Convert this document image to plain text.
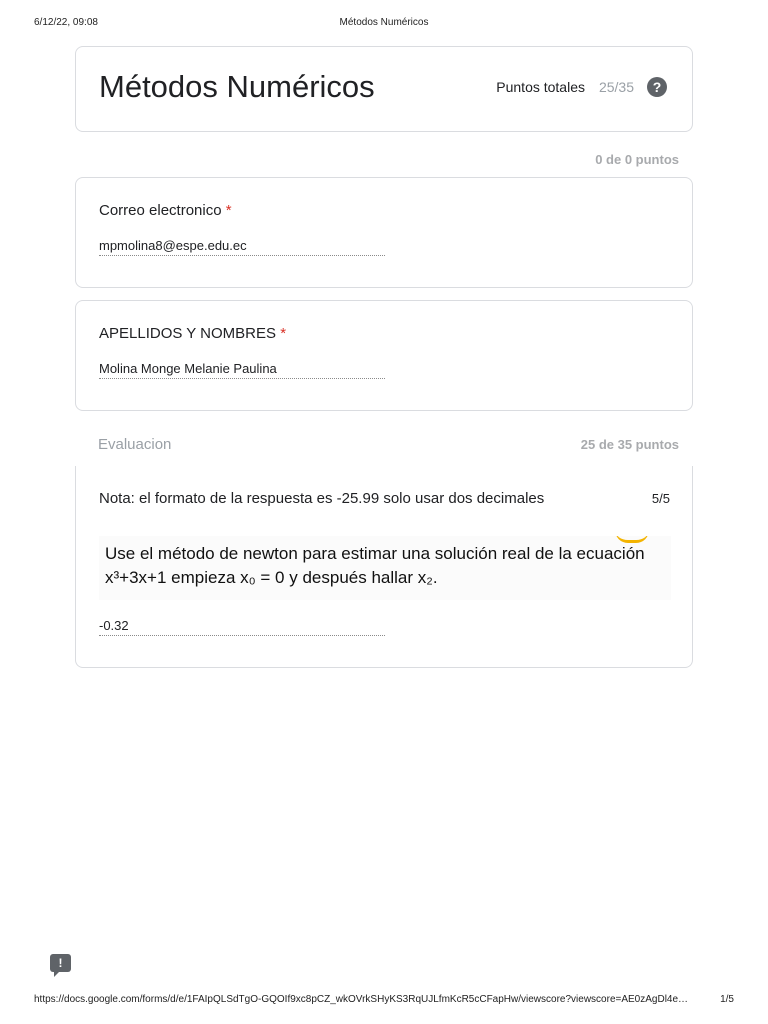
6/12/22, 09:08	Métodos Numéricos
Métodos Numéricos	Puntos totales 25/35	?
0 de 0 puntos
Correo electronico *
mpmolina8@espe.edu.ec
APELLIDOS Y NOMBRES *
Molina Monge Melanie Paulina
Evaluacion	25 de 35 puntos
Nota: el formato de la respuesta es -25.99 solo usar dos decimales	5/5
Use el método de newton para estimar una solución real de la ecuación
x³+3x+1 empieza x₀ = 0 y después hallar x₂.
-0.32
!
https://docs.google.com/forms/d/e/1FAIpQLSdTgO-GQOIf9xc8pCZ_wkOVrkSHyKS3RqUJLfmKcR5cCFapHw/viewscore?viewscore=AE0zAgDl4e…	1/5
